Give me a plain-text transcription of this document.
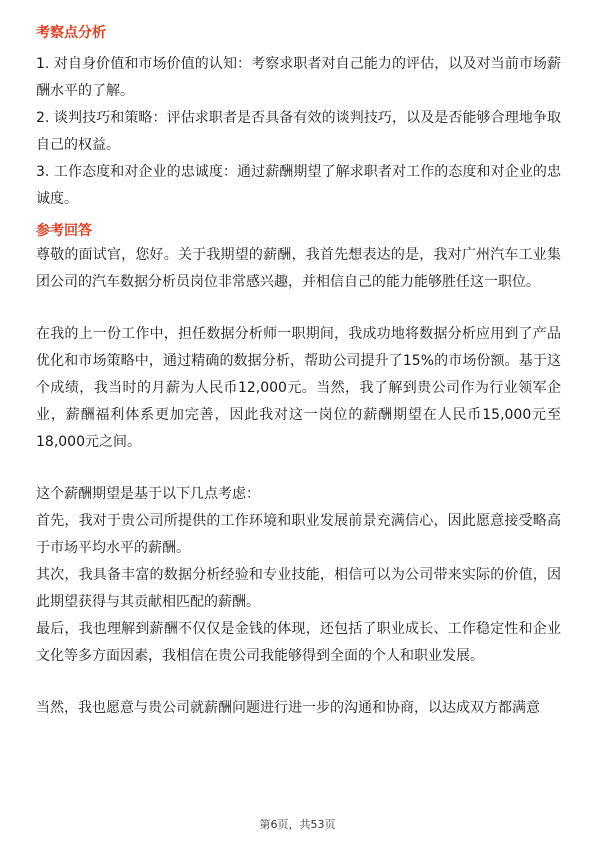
考察点分析

1. 对自身价值和市场价值的认知：考察求职者对自己能力的评估，以及对当前市场薪酬水平的了解。

2. 谈判技巧和策略：评估求职者是否具备有效的谈判技巧，以及是否能够合理地争取自己的权益。

3. 工作态度和对企业的忠诚度：通过薪酬期望了解求职者对工作的态度和对企业的忠诚度。

参考回答

尊敬的面试官，您好。关于我期望的薪酬，我首先想表达的是，我对广州汽车工业集团公司的汽车数据分析员岗位非常感兴趣，并相信自己的能力能够胜任这一职位。

在我的上一份工作中，担任数据分析师一职期间，我成功地将数据分析应用到了产品优化和市场策略中，通过精确的数据分析，帮助公司提升了15%的市场份额。基于这个成绩，我当时的月薪为人民币12,000元。当然，我了解到贵公司作为行业领军企业，薪酬福利体系更加完善，因此我对这一岗位的薪酬期望在人民币15,000元至18,000元之间。

这个薪酬期望是基于以下几点考虑：

首先，我对于贵公司所提供的工作环境和职业发展前景充满信心，因此愿意接受略高于市场平均水平的薪酬。

其次，我具备丰富的数据分析经验和专业技能，相信可以为公司带来实际的价值，因此期望获得与其贡献相匹配的薪酬。

最后，我也理解到薪酬不仅仅是金钱的体现，还包括了职业成长、工作稳定性和企业文化等多方面因素，我相信在贵公司我能够得到全面的个人和职业发展。

当然，我也愿意与贵公司就薪酬问题进行进一步的沟通和协商，以达成双方都满意

第6页，共53页
